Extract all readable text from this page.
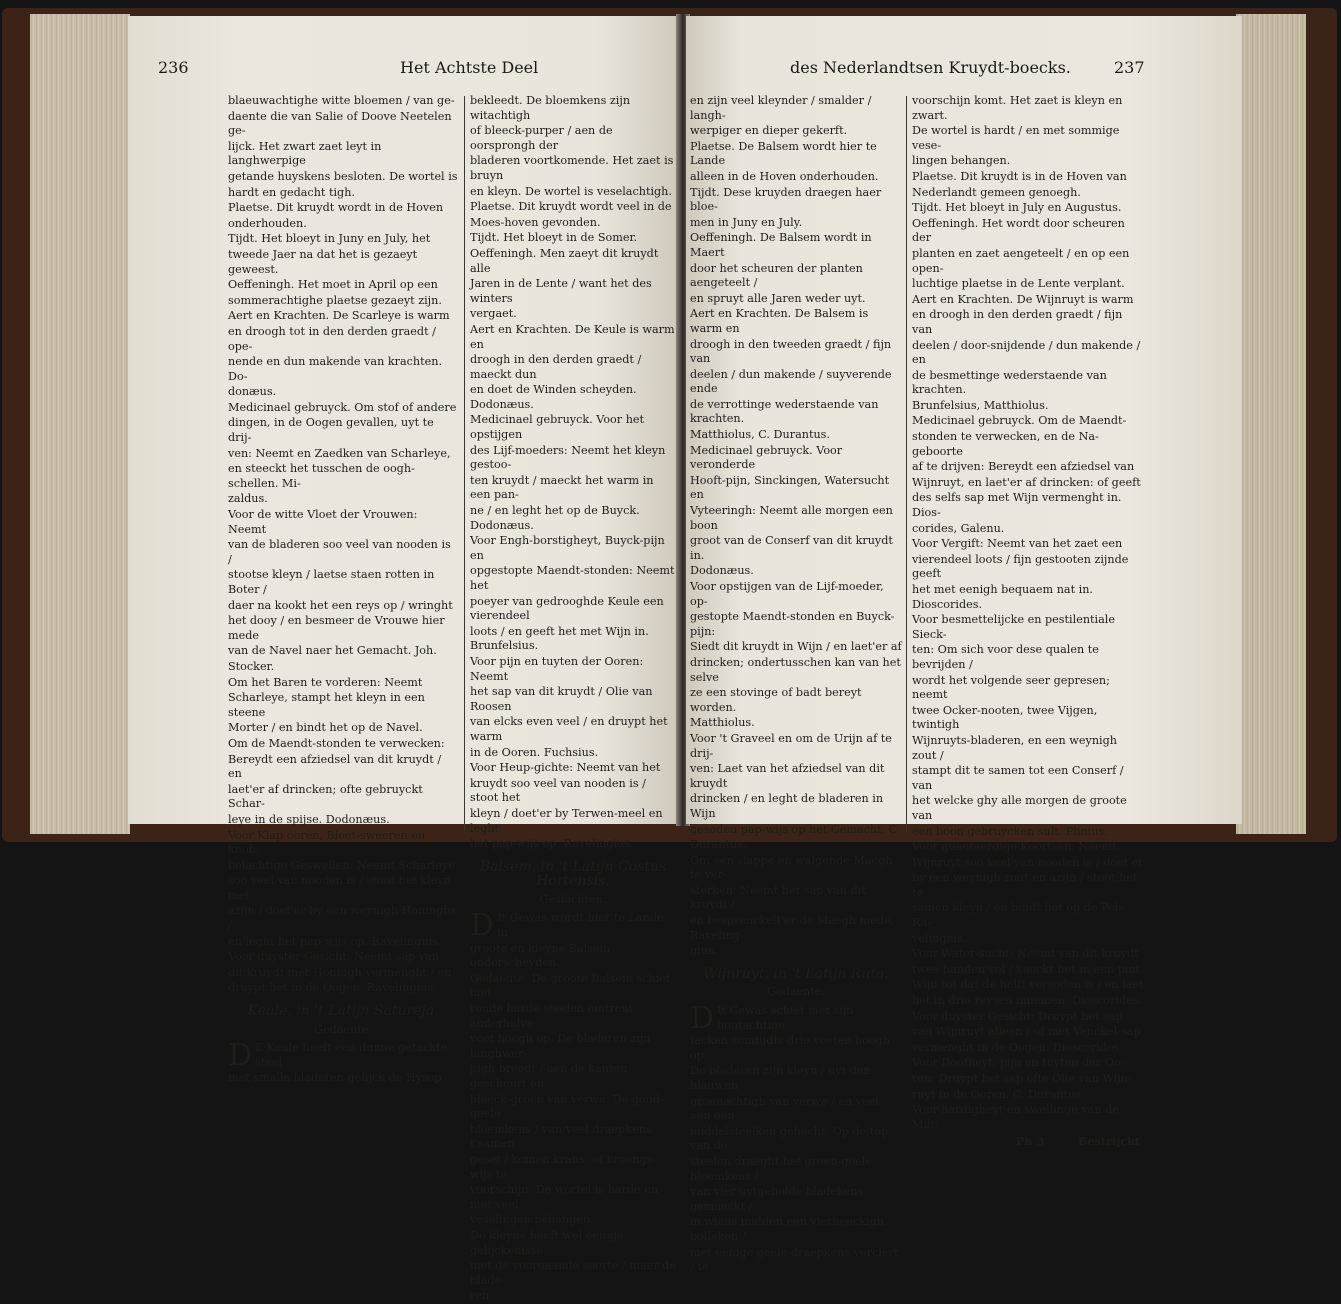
236	Het Achtste Deel

blaeuwachtighe witte bloemen / van ge-

daente die van Salie of Doove Neetelen ge-

lijck. Het zwart zaet leyt in langhwerpige

getande huyskens besloten. De wortel is

hardt en gedacht tigh.

Plaetse. Dit kruydt wordt in de Hoven

onderhouden.

Tijdt. Het bloeyt in Juny en July, het

tweede Jaer na dat het is gezaeyt geweest.

Oeffeningh. Het moet in April op een

sommerachtighe plaetse gezaeyt zijn.

Aert en Krachten. De Scarleye is warm

en droogh tot in den derden graedt / ope-

nende en dun makende van krachten. Do-

donæus.

Medicinael gebruyck. Om stof of andere

dingen, in de Oogen gevallen, uyt te drij-

ven: Neemt en Zaedken van Scharleye,

en steeckt het tusschen de oogh-schellen. Mi-

zaldus.

Voor de witte Vloet der Vrouwen: Neemt

van de bladeren soo veel van nooden is /

stootse kleyn / laetse staen rotten in Boter /

daer na kookt het een reys op / wringht

het dooy / en besmeer de Vrouwe hier mede

van de Navel naer het Gemacht. Joh.

Stocker.

Om het Baren te vorderen: Neemt

Scharleye, stampt het kleyn in een steene

Morter / en bindt het op de Navel.

Om de Maendt-stonden te verwecken:

Bereydt een afziedsel van dit kruydt / en

laet'er af drincken; ofte gebruyckt Schar-

leye in de spijse. Dodonæus.

Voor Klap ooren, Bloet-sweeren en knob-

belachtige Geswellen: Neemt Scharleye

soo veel van nooden is / stoot het kleyn met

azijn / doet'er by een weynigh Honinghs /

en leght het pap-wijs op. Ravelingius.

Voor duyster Gesicht: Neemt sap van

dit kruydt met Honingh vermenght / en

druypt het in de Oogen. Ravelingius.

Keule, in 't Latijn Satureja.

Gedaente.

D E Keule heeft een dunne getackte steel

met smalle bladeren gelijck de Hysop

bekleedt. De bloemkens zijn witachtigh

of bleeck-purper / aen de oorsprongh der

bladeren voortkomende. Het zaet is bruyn

en kleyn. De wortel is veselachtigh.

Plaetse. Dit kruydt wordt veel in de

Moes-hoven gevonden.

Tijdt. Het bloeyt in de Somer.

Oeffeningh. Men zaeyt dit kruydt alle

Jaren in de Lente / want het des winters

vergaet.

Aert en Krachten. De Keule is warm en

droogh in den derden graedt / maeckt dun

en doet de Winden scheyden. Dodonæus.

Medicinael gebruyck. Voor het opstijgen

des Lijf-moeders: Neemt het kleyn gestoo-

ten kruydt / maeckt het warm in een pan-

ne / en leght het op de Buyck. Dodonæus.

Voor Engh-borstigheyt, Buyck-pijn en

opgestopte Maendt-stonden: Neemt het

poeyer van gedrooghde Keule een vierendeel

loots / en geeft het met Wijn in. Brunfelsius.

Voor pijn en tuyten der Ooren: Neemt

het sap van dit kruydt / Olie van Roosen

van elcks even veel / en druypt het warm

in de Ooren. Fuchsius.

Voor Heup-gichte: Neemt van het

kruydt soo veel van nooden is / stoot het

kleyn / doet'er by Terwen-meel en leght

het pap-wijs op. Ravelingius.

Balsem, in 't Latijn Costus Hortensis.

Geslachten.

D It Gewas wordt hier te Lande in

groote en kleyne Balsem onderscheyden.

Gedaente. De groote Balsem schiet met

ronde harde steelen omtrent anderhalve

voet hoogh op. De bladeren zijn langhwer-

pigh breedt / aen de kanten gescheurt en

bleeck-groen van verwe. De goud-geele

bloemkens / van veel draepkens t'samen

geset / komen krans- of kroongs-wijs te

voorschijn. De wortel is harde en met veel

veselingen behangen.

De kleyne heeft wel eenige gelijckenisse

met de voorgaande soorte / maer de blade-

ren

des Nederlandtsen Kruydt-boecks.	237

en zijn veel kleynder / smalder / langh-

werpiger en dieper gekerft.

Plaetse. De Balsem wordt hier te Lande

alleen in de Hoven onderhouden.

Tijdt. Dese kruyden draegen haer bloe-

men in Juny en July.

Oeffeningh. De Balsem wordt in Maert

door het scheuren der planten aengeteelt /

en spruyt alle Jaren weder uyt.

Aert en Krachten. De Balsem is warm en

droogh in den tweeden graedt / fijn van

deelen / dun makende / suyverende ende

de verrottinge wederstaende van krachten.

Matthiolus, C. Durantus.

Medicinael gebruyck. Voor veronderde

Hooft-pijn, Sinckingen, Watersucht en

Vyteeringh: Neemt alle morgen een boon

groot van de Conserf van dit kruydt in.

Dodonæus.

Voor opstijgen van de Lijf-moeder, op-

gestopte Maendt-stonden en Buyck-pijn:

Siedt dit kruydt in Wijn / en laet'er af

drincken; ondertusschen kan van het selve

ze een stovinge of badt bereyt worden.

Matthiolus.

Voor 't Graveel en om de Urijn af te drij-

ven: Laet van het afziedsel van dit kruydt

drincken / en leght de bladeren in Wijn

gesoden pap-wijs op het Gemacht. C.

Durantus.

Om een slappe en walgende Maegh te ver-

sterken: Neemt het sap van dit kruydt /

en besprenckelt'er de Maegh mede. Raveling-

gius.

Wijnruyt, in 't Latijn Ruta.

Gedaente.

D It Gewas schiet met sijn houtachtige

tacken somtijdts drie voeten hoogh op.

De bladeren zijn kleyn / uyt den blauwen

groenachtigh van verwe / en veel aen een

middelsteelken gehecht. Op de top van de

steelen draeght het groen-geele bloemkens /

van vier uytgeholde bladekens gemaeckt /

in wiens midden een vierhoeckigh bolleken /

met eenige geele draepkens verciert / te

voorschijn komt. Het zaet is kleyn en zwart.

De wortel is hardt / en met sommige vese-

lingen behangen.

Plaetse. Dit kruydt is in de Hoven van

Nederlandt gemeen genoegh.

Tijdt. Het bloeyt in July en Augustus.

Oeffeningh. Het wordt door scheuren der

planten en zaet aengeteelt / en op een open-

luchtige plaetse in de Lente verplant.

Aert en Krachten. De Wijnruyt is warm

en droogh in den derden graedt / fijn van

deelen / door-snijdende / dun makende / en

de besmettinge wederstaende van krachten.

Brunfelsius, Matthiolus.

Medicinael gebruyck. Om de Maendt-

stonden te verwecken, en de Na-geboorte

af te drijven: Bereydt een afziedsel van

Wijnruyt, en laet'er af drincken: of geeft

des selfs sap met Wijn vermenght in. Dios-

corides, Galenu.

Voor Vergift: Neemt van het zaet een

vierendeel loots / fijn gestooten zijnde geeft

het met eenigh bequaem nat in. Dioscorides.

Voor besmettelijcke en pestilentiale Sieck-

ten: Om sich voor dese qualen te bevrijden /

wordt het volgende seer gepresen; neemt

twee Ocker-nooten, twee Vijgen, twintigh

Wijnruyts-bladeren, en een weynigh zout /

stampt dit te samen tot een Conserf / van

het welcke ghy alle morgen de groote van

een boon gebruycken sult. Plinius.

Voor quaetaerdige Koortsen: Neemt

Wijnruyt soo veel van nooden is / doet'er

by een weynigh zout en azijn / stoot het te

samen kleyn / en bindt het op de Pols. Ra-

velingius.

Voor Water-sucht: Neemt van dit kruydt

twee handen vol / koockt het in een pint

Wijn tot dat de helft versoden is / en laet

het in drie reysen innemen. Dioscorides.

Voor duyster Gesicht: Druypt het sap

van Wijnruyt alleen / of met Venckel-sap

vermenght in de Oogen. Dioscorides.

Voor Doofheyt, pijn en tuyten der Oo-

ren: Druypt het sap ofte Olie van Wijn-

ruyt in de Ooren. C. Durantus.

Voor hardigheyt en swellinge van de Milt:

Ph 3	Bestrijckt
